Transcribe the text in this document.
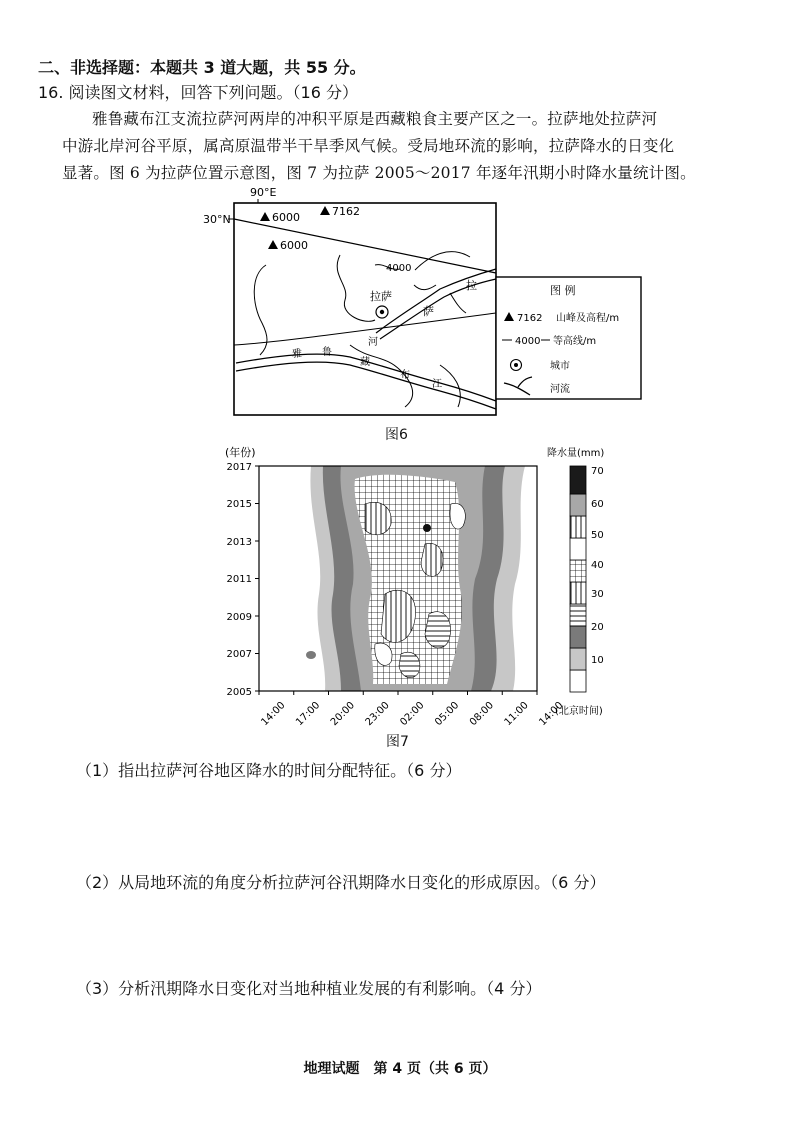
二、非选择题：本题共 3 道大题，共 55 分。
16. 阅读图文材料，回答下列问题。（16 分）
雅鲁藏布江支流拉萨河两岸的冲积平原是西藏粮食主要产区之一。拉萨地处拉萨河
中游北岸河谷平原，属高原温带半干旱季风气候。受局地环流的影响，拉萨降水的日变化
显著。图 6 为拉萨位置示意图，图 7 为拉萨 2005～2017 年逐年汛期小时降水量统计图。
90°E
30°N	6000	7162
6000
4000
拉
萨
拉萨
雅 鲁
藏
布
江
河
图 例
7162 山峰及高程/m
4000 等高线/m
城市
河流
图6
(年份)
2005
2007
2009
2011
2013
2015
2017
14:00 17:00 20:00 23:00 02:00 05:00 08:00 11:00 14:00
降水量(mm)
10
20
30
40
50
60
70
(北京时间)
图7
（1）指出拉萨河谷地区降水的时间分配特征。（6 分）
（2）从局地环流的角度分析拉萨河谷汛期降水日变化的形成原因。（6 分）
（3）分析汛期降水日变化对当地种植业发展的有利影响。（4 分）
地理试题　第 4 页（共 6 页）
